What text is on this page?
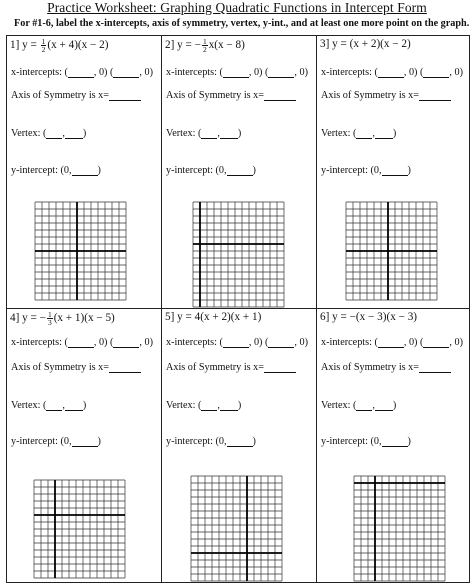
Practice Worksheet: Graphing Quadratic Functions in Intercept Form
For #1-6, label the x-intercepts, axis of symmetry, vertex, y-int., and at least one more point on the graph.
1] $y = \frac{1}{2} (x + 4)(x - 2)$
x-intercepts: (	, 0) (	, 0)
Axis of Symmetry is x=
Vertex: ( , )
y-intercept: (0,	)
2] y = − $\frac{1}{2} x(x - 8)$
x-intercepts: (	, 0) (	, 0)
Axis of Symmetry is x=
Vertex: ( , )
y-intercept: (0,	)
3] y = (x + 2)(x − 2)
x-intercepts: (	, 0) (	, 0)
Axis of Symmetry is x=
Vertex: ( , )
y-intercept: (0,	)
4] y = − $\frac{1}{3} (x + 1)(x - 5)$
x-intercepts: (	, 0) (	, 0)
Axis of Symmetry is x=
Vertex: ( , )
y-intercept: (0,	)
5] y = 4(x + 2)(x + 1)
x-intercepts: (	, 0) (	, 0)
Axis of Symmetry is x=
Vertex: ( , )
y-intercept: (0,	)
6] y = −(x − 3)(x − 3)
x-intercepts: (	, 0) (	, 0)
Axis of Symmetry is x=
Vertex: ( , )
y-intercept: (0,	)
